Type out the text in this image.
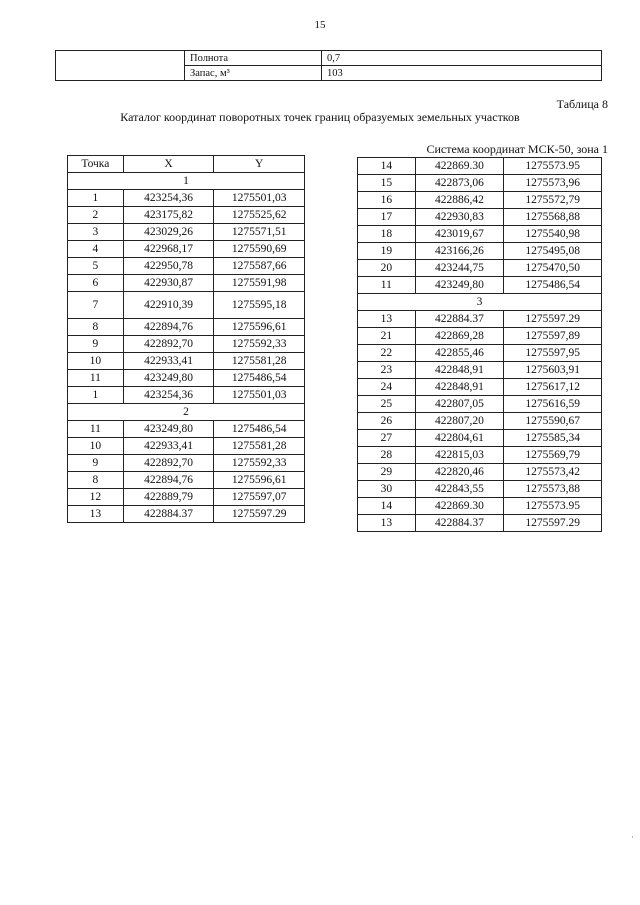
15
	Полнота	0,7
	Запас, м³	103
Таблица 8
Каталог координат поворотных точек границ образуемых земельных участков
Система координат МСК-50, зона 1
Точка	X	Y
1		
1	423254,36	1275501,03
2	423175,82	1275525,62
3	423029,26	1275571,51
4	422968,17	1275590,69
5	422950,78	1275587,66
6	422930,87	1275591,98
7	422910,39	1275595,18
8	422894,76	1275596,61
9	422892,70	1275592,33
10	422933,41	1275581,28
11	423249,80	1275486,54
1	423254,36	1275501,03
2		
11	423249,80	1275486,54
10	422933,41	1275581,28
9	422892,70	1275592,33
8	422894,76	1275596,61
12	422889,79	1275597,07
13	422884.37	1275597.29
14	422869.30	1275573.95
15	422873,06	1275573,96
16	422886,42	1275572,79
17	422930,83	1275568,88
18	423019,67	1275540,98
19	423166,26	1275495,08
20	423244,75	1275470,50
11	423249,80	1275486,54
3		
13	422884.37	1275597.29
21	422869,28	1275597,89
22	422855,46	1275597,95
23	422848,91	1275603,91
24	422848,91	1275617,12
25	422807,05	1275616,59
26	422807,20	1275590,67
27	422804,61	1275585,34
28	422815,03	1275569,79
29	422820,46	1275573,42
30	422843,55	1275573,88
14	422869.30	1275573.95
13	422884.37	1275597.29
·
